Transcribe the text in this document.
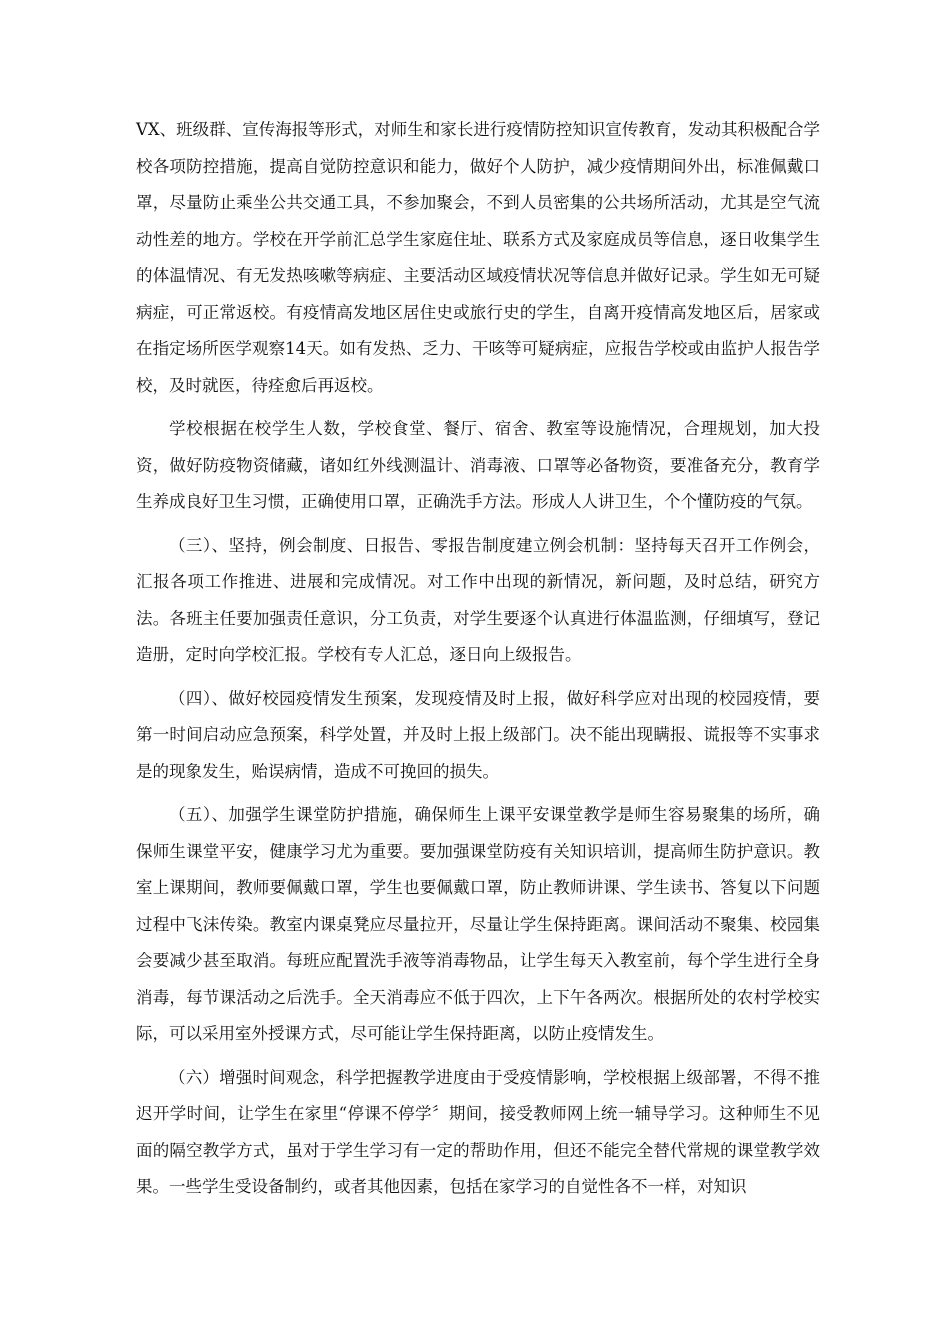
VX、班级群、宣传海报等形式，对师生和家长进行疫情防控知识宣传教育，发动其积极配合学校各项防控措施，提高自觉防控意识和能力，做好个人防护，减少疫情期间外出，标准佩戴口罩，尽量防止乘坐公共交通工具，不参加聚会，不到人员密集的公共场所活动，尤其是空气流动性差的地方。学校在开学前汇总学生家庭住址、联系方式及家庭成员等信息，逐日收集学生的体温情况、有无发热咳嗽等病症、主要活动区域疫情状况等信息并做好记录。学生如无可疑病症，可正常返校。有疫情高发地区居住史或旅行史的学生，自离开疫情高发地区后，居家或在指定场所医学观察14天。如有发热、乏力、干咳等可疑病症，应报告学校或由监护人报告学校，及时就医，待痊愈后再返校。

学校根据在校学生人数，学校食堂、餐厅、宿舍、教室等设施情况，合理规划，加大投资，做好防疫物资储藏，诸如红外线测温计、消毒液、口罩等必备物资，要准备充分，教育学生养成良好卫生习惯，正确使用口罩，正确洗手方法。形成人人讲卫生，个个懂防疫的气氛。

（三）、坚持，例会制度、日报告、零报告制度建立例会机制：坚持每天召开工作例会，汇报各项工作推进、进展和完成情况。对工作中出现的新情况，新问题，及时总结，研究方法。各班主任要加强责任意识，分工负责，对学生要逐个认真进行体温监测，仔细填写，登记造册，定时向学校汇报。学校有专人汇总，逐日向上级报告。

（四）、做好校园疫情发生预案，发现疫情及时上报，做好科学应对出现的校园疫情，要第一时间启动应急预案，科学处置，并及时上报上级部门。决不能出现瞒报、谎报等不实事求是的现象发生，贻误病情，造成不可挽回的损失。

（五）、加强学生课堂防护措施，确保师生上课平安课堂教学是师生容易聚集的场所，确保师生课堂平安，健康学习尤为重要。要加强课堂防疫有关知识培训，提高师生防护意识。教室上课期间，教师要佩戴口罩，学生也要佩戴口罩，防止教师讲课、学生读书、答复以下问题过程中飞沫传染。教室内课桌凳应尽量拉开，尽量让学生保持距离。课间活动不聚集、校园集会要减少甚至取消。每班应配置洗手液等消毒物品，让学生每天入教室前，每个学生进行全身消毒，每节课活动之后洗手。全天消毒应不低于四次，上下午各两次。根据所处的农村学校实际，可以采用室外授课方式，尽可能让学生保持距离，以防止疫情发生。

（六）增强时间观念，科学把握教学进度由于受疫情影响，学校根据上级部署，不得不推迟开学时间，让学生在家里“停课不停学〞期间，接受教师网上统一辅导学习。这种师生不见面的隔空教学方式，虽对于学生学习有一定的帮助作用，但还不能完全替代常规的课堂教学效果。一些学生受设备制约，或者其他因素，包括在家学习的自觉性各不一样，对知识
